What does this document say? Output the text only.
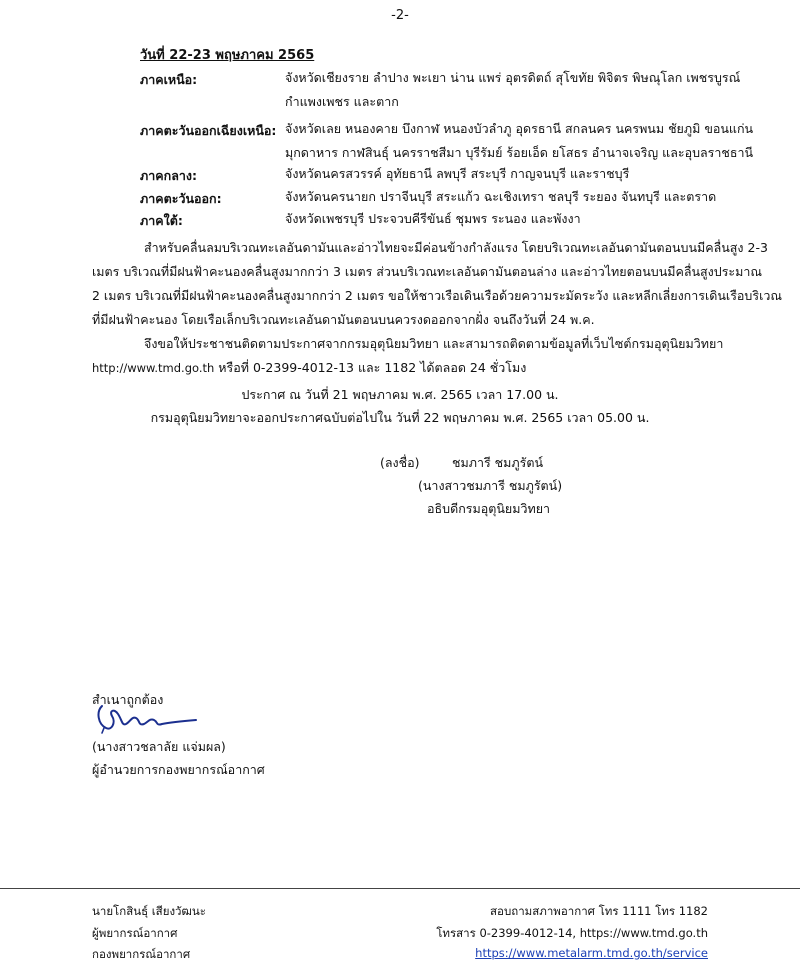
-2-
วันที่ 22-23 พฤษภาคม 2565
ภาคเหนือ:	จังหวัดเชียงราย ลำปาง พะเยา น่าน แพร่ อุตรดิตถ์ สุโขทัย พิจิตร พิษณุโลก เพชรบูรณ์
กำแพงเพชร และตาก
ภาคตะวันออกเฉียงเหนือ: จังหวัดเลย หนองคาย บึงกาฬ หนองบัวลำภู อุดรธานี สกลนคร นครพนม ชัยภูมิ ขอนแก่น
มุกดาหาร กาฬสินธุ์ นครราชสีมา บุรีรัมย์ ร้อยเอ็ด ยโสธร อำนาจเจริญ และอุบลราชธานี
ภาคกลาง:	จังหวัดนครสวรรค์ อุทัยธานี ลพบุรี สระบุรี กาญจนบุรี และราชบุรี
ภาคตะวันออก:	จังหวัดนครนายก ปราจีนบุรี สระแก้ว ฉะเชิงเทรา ชลบุรี ระยอง จันทบุรี และตราด
ภาคใต้:	จังหวัดเพชรบุรี ประจวบคีรีขันธ์ ชุมพร ระนอง และพังงา
สำหรับคลื่นลมบริเวณทะเลอันดามันและอ่าวไทยจะมีค่อนข้างกำลังแรง โดยบริเวณทะเลอันดามันตอนบนมีคลื่นสูง 2-3
เมตร บริเวณที่มีฝนฟ้าคะนองคลื่นสูงมากกว่า 3 เมตร ส่วนบริเวณทะเลอันดามันตอนล่าง และอ่าวไทยตอนบนมีคลื่นสูงประมาณ
2 เมตร บริเวณที่มีฝนฟ้าคะนองคลื่นสูงมากกว่า 2 เมตร ขอให้ชาวเรือเดินเรือด้วยความระมัดระวัง และหลีกเลี่ยงการเดินเรือบริเวณ
ที่มีฝนฟ้าคะนอง โดยเรือเล็กบริเวณทะเลอันดามันตอนบนควรงดออกจากฝั่ง จนถึงวันที่ 24 พ.ค.
จึงขอให้ประชาชนติดตามประกาศจากกรมอุตุนิยมวิทยา และสามารถติดตามข้อมูลที่เว็บไซต์กรมอุตุนิยมวิทยา
http://www.tmd.go.th หรือที่ 0-2399-4012-13 และ 1182 ได้ตลอด 24 ชั่วโมง
ประกาศ ณ วันที่ 21 พฤษภาคม พ.ศ. 2565 เวลา 17.00 น.
กรมอุตุนิยมวิทยาจะออกประกาศฉบับต่อไปใน วันที่ 22 พฤษภาคม พ.ศ. 2565 เวลา 05.00 น.
(ลงชื่อ)	ชมภารี ชมภูรัตน์
(นางสาวชมภารี ชมภูรัตน์)
อธิบดีกรมอุตุนิยมวิทยา
สำเนาถูกต้อง
(นางสาวชลาลัย แจ่มผล)
ผู้อำนวยการกองพยากรณ์อากาศ
นายโกสินธุ์ เสียงวัฒนะ
ผู้พยากรณ์อากาศ
กองพยากรณ์อากาศ
สอบถามสภาพอากาศ โทร 1111 โทร 1182
โทรสาร 0-2399-4012-14, https://www.tmd.go.th
https://www.metalarm.tmd.go.th/service
